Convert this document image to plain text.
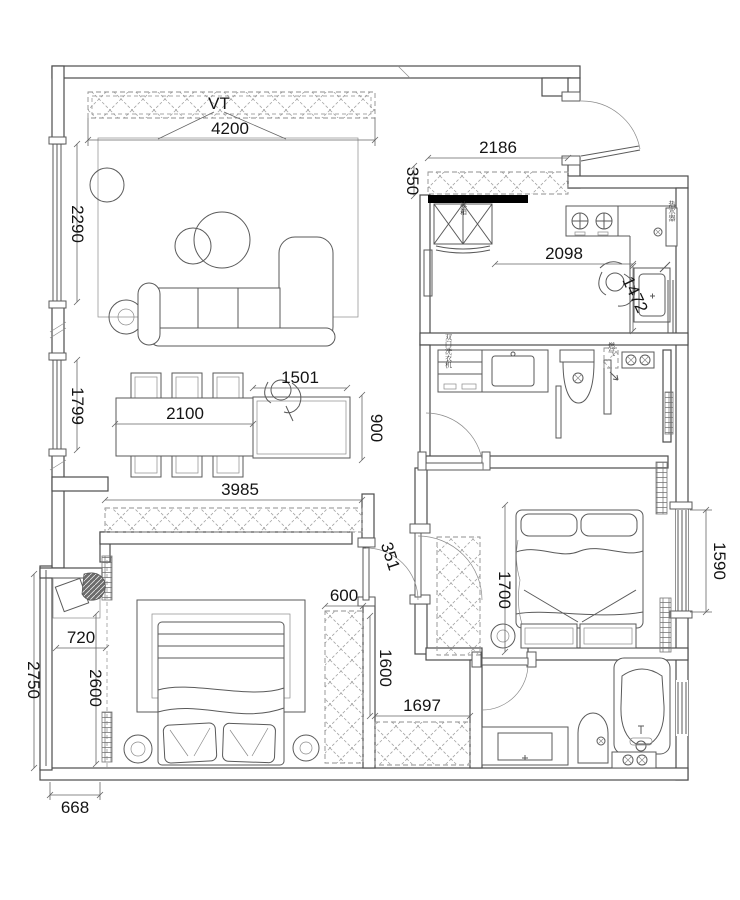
冰箱	热水器
双门洗衣机	燃气
4200
VT
2290
1799
2186
350
2098
1472
1501
2100
900
3985
351
1700
1590
600
1600
1697
720
2600
2750
668
